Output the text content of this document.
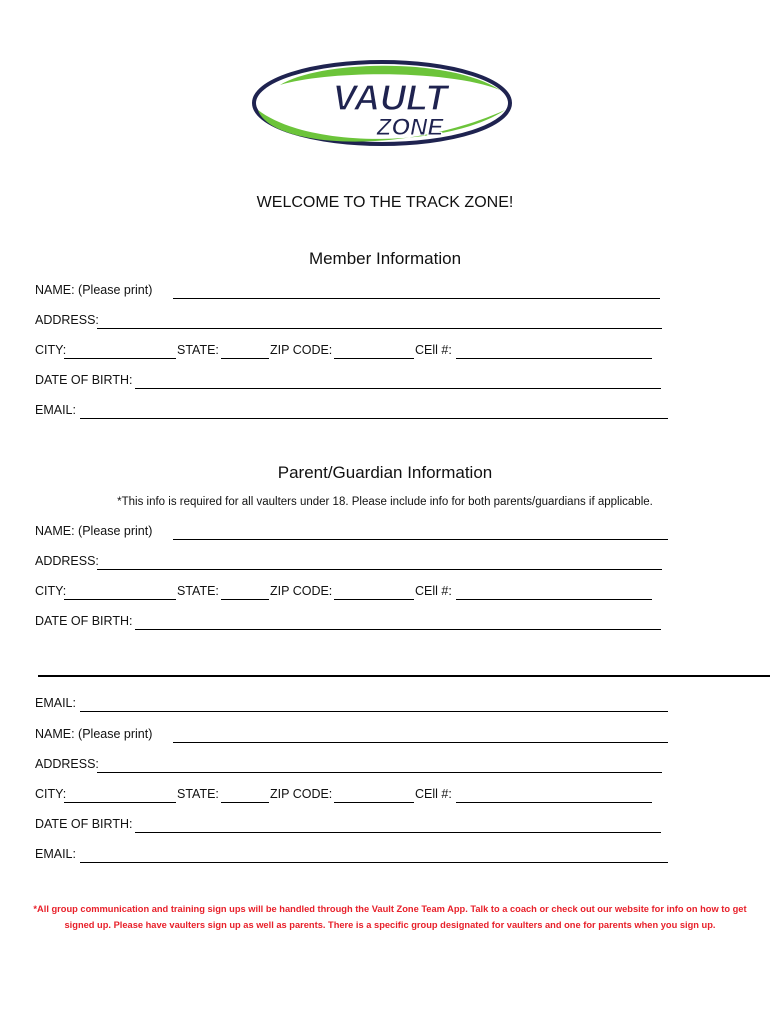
VAULT
ZONE
WELCOME TO THE TRACK ZONE!
Member Information
NAME: (Please print)
ADDRESS:
CITY:	STATE:	ZIP CODE:	CEll #:
DATE OF BIRTH:
EMAIL:
Parent/Guardian Information
*This info is required for all vaulters under 18. Please include info for both parents/guardians if applicable.
NAME: (Please print)
ADDRESS:
CITY:	STATE:	ZIP CODE:	CEll #:
DATE OF BIRTH:
EMAIL:
NAME: (Please print)
ADDRESS:
CITY:	STATE:	ZIP CODE:	CEll #:
DATE OF BIRTH:
EMAIL:
*All group communication and training sign ups will be handled through the Vault Zone Team App. Talk to a coach or check out our website for info on how to get signed up. Please have vaulters sign up as well as parents. There is a specific group designated for vaulters and one for parents when you sign up.
